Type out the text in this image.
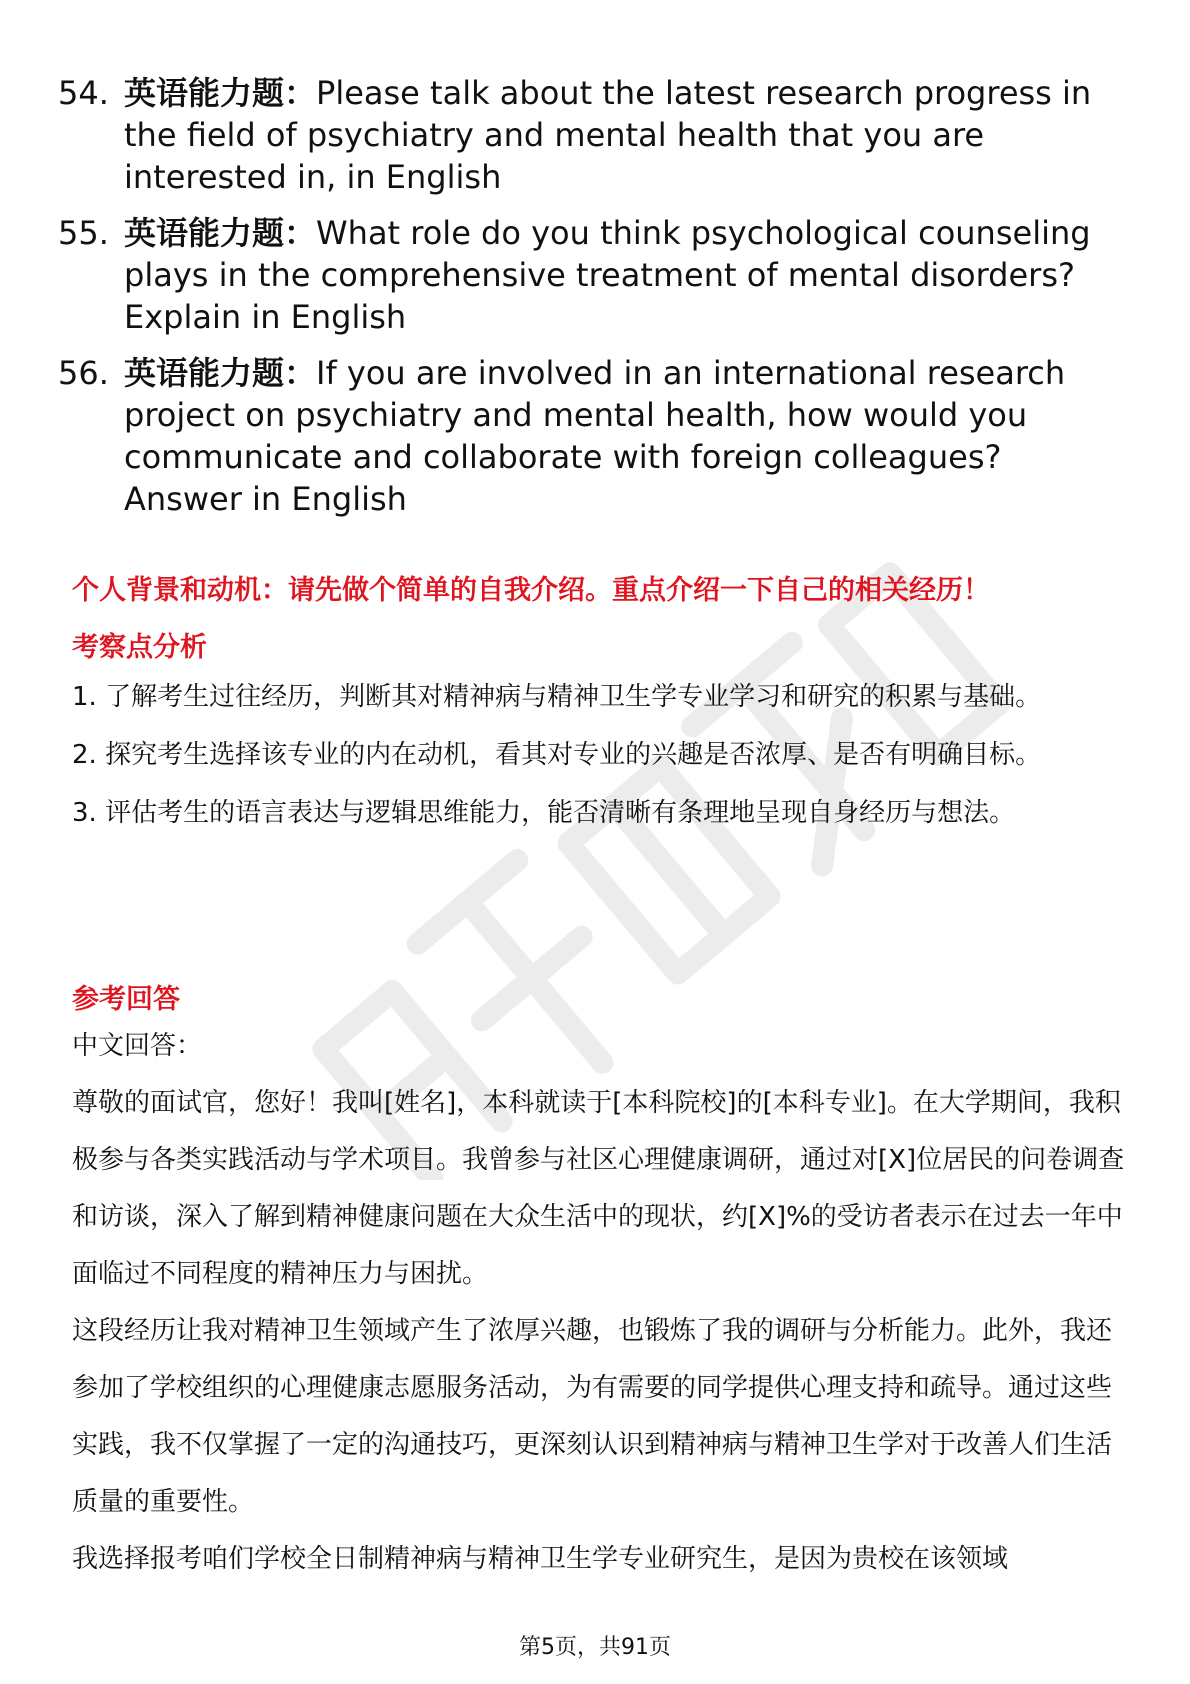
54. 英语能力题：Please talk about the latest research progress in the field of psychiatry and mental health that you are interested in, in English
55. 英语能力题：What role do you think psychological counseling plays in the comprehensive treatment of mental disorders? Explain in English
56. 英语能力题：If you are involved in an international research project on psychiatry and mental health, how would you communicate and collaborate with foreign colleagues? Answer in English
个人背景和动机：请先做个简单的自我介绍。重点介绍一下自己的相关经历！
考察点分析
1. 了解考生过往经历，判断其对精神病与精神卫生学专业学习和研究的积累与基础。
2. 探究考生选择该专业的内在动机，看其对专业的兴趣是否浓厚、是否有明确目标。
3. 评估考生的语言表达与逻辑思维能力，能否清晰有条理地呈现自身经历与想法。
参考回答
中文回答：
尊敬的面试官，您好！我叫[姓名]，本科就读于[本科院校]的[本科专业]。在大学期间，我积极参与各类实践活动与学术项目。我曾参与社区心理健康调研，通过对[X]位居民的问卷调查和访谈，深入了解到精神健康问题在大众生活中的现状，约[X]%的受访者表示在过去一年中面临过不同程度的精神压力与困扰。
这段经历让我对精神卫生领域产生了浓厚兴趣，也锻炼了我的调研与分析能力。此外，我还参加了学校组织的心理健康志愿服务活动，为有需要的同学提供心理支持和疏导。通过这些实践，我不仅掌握了一定的沟通技巧，更深刻认识到精神病与精神卫生学对于改善人们生活质量的重要性。
我选择报考咱们学校全日制精神病与精神卫生学专业研究生，是因为贵校在该领域
第5页，共91页
